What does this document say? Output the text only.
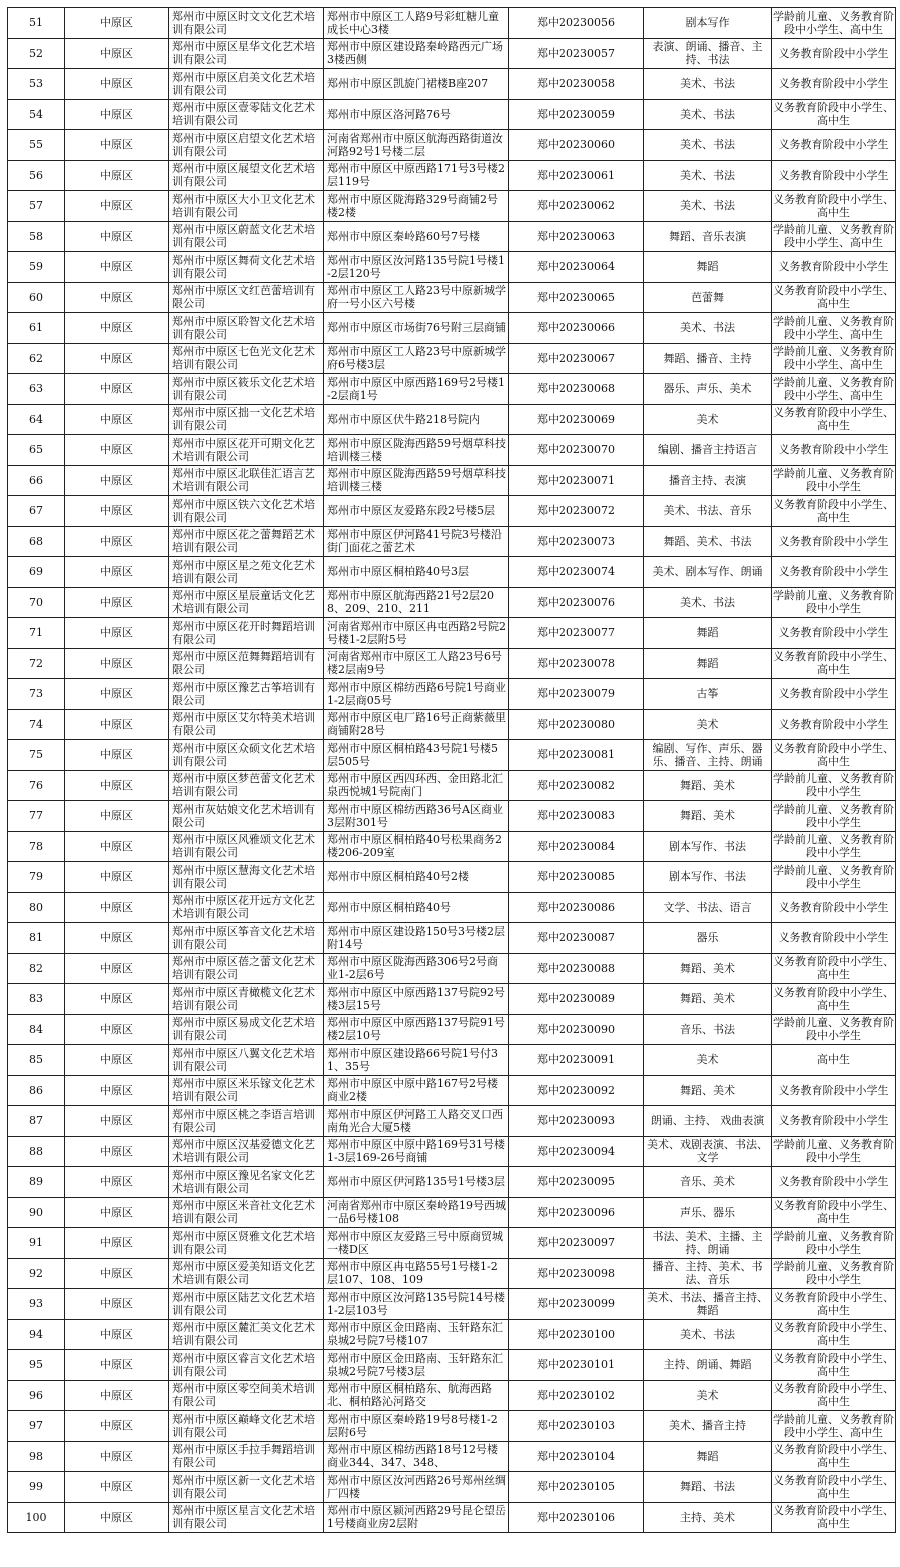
51	中原区	郑州市中原区时文文化艺术培训有限公司	郑州市中原区工人路9号彩虹糖儿童成长中心3楼	郑中20230056	剧本写作	学龄前儿童、义务教育阶段中小学生、高中生
52	中原区	郑州市中原区星华文化艺术培训有限公司	郑州市中原区建设路秦岭路西元广场3楼西侧	郑中20230057	表演、朗诵、播音、主持、书法	义务教育阶段中小学生
53	中原区	郑州市中原区启美文化艺术培训有限公司	郑州市中原区凯旋门裙楼B座207	郑中20230058	美术、书法	义务教育阶段中小学生
54	中原区	郑州市中原区壹零陆文化艺术培训有限公司	郑州市中原区洛河路76号	郑中20230059	美术、书法	义务教育阶段中小学生、高中生
55	中原区	郑州市中原区启望文化艺术培训有限公司	河南省郑州市中原区航海西路街道汝河路92号1号楼二层	郑中20230060	美术、书法	义务教育阶段中小学生
56	中原区	郑州市中原区展望文化艺术培训有限公司	郑州市中原区中原西路171号3号楼2层119号	郑中20230061	美术、书法	义务教育阶段中小学生
57	中原区	郑州市中原区大小卫文化艺术培训有限公司	郑州市中原区陇海路329号商铺2号楼2楼	郑中20230062	美术、书法	义务教育阶段中小学生、高中生
58	中原区	郑州市中原区蔚蓝文化艺术培训有限公司	郑州市中原区秦岭路60号7号楼	郑中20230063	舞蹈、音乐表演	学龄前儿童、义务教育阶段中小学生、高中生
59	中原区	郑州市中原区舞荷文化艺术培训有限公司	郑州市中原区汝河路135号院1号楼1-2层120号	郑中20230064	舞蹈	义务教育阶段中小学生
60	中原区	郑州市中原区文红芭蕾培训有限公司	郑州市中原区工人路23号中原新城学府一号小区六号楼	郑中20230065	芭蕾舞	义务教育阶段中小学生、高中生
61	中原区	郑州市中原区聆智文化艺术培训有限公司	郑州市中原区市场街76号附三层商铺	郑中20230066	美术、书法	学龄前儿童、义务教育阶段中小学生、高中生
62	中原区	郑州市中原区七色光文化艺术培训有限公司	郑州市中原区工人路23号中原新城学府6号楼3层	郑中20230067	舞蹈、播音、主持	学龄前儿童、义务教育阶段中小学生、高中生
63	中原区	郑州市中原区筱乐文化艺术培训有限公司	郑州市中原区中原西路169号2号楼1-2层商1号	郑中20230068	器乐、声乐、美术	学龄前儿童、义务教育阶段中小学生、高中生
64	中原区	郑州市中原区拙一文化艺术培训有限公司	郑州市中原区伏牛路218号院内	郑中20230069	美术	义务教育阶段中小学生、高中生
65	中原区	郑州市中原区花开可期文化艺术培训有限公司	郑州市中原区陇海西路59号烟草科技培训楼三楼	郑中20230070	编剧、播音主持语言	义务教育阶段中小学生
66	中原区	郑州市中原区北联佳汇语言艺术培训有限公司	郑州市中原区陇海西路59号烟草科技培训楼三楼	郑中20230071	播音主持、表演	学龄前儿童、义务教育阶段中小学生
67	中原区	郑州市中原区铁六文化艺术培训有限公司	郑州市中原区友爱路东段2号楼5层	郑中20230072	美术、书法、音乐	义务教育阶段中小学生、高中生
68	中原区	郑州市中原区花之蕾舞蹈艺术培训有限公司	郑州市中原区伊河路41号院3号楼沿街门面花之蕾艺术	郑中20230073	舞蹈、美术、书法	义务教育阶段中小学生
69	中原区	郑州市中原区星之苑文化艺术培训有限公司	郑州市中原区桐柏路40号3层	郑中20230074	美术、剧本写作、朗诵	义务教育阶段中小学生
70	中原区	郑州市中原区星辰童话文化艺术培训有限公司	郑州市中原区航海西路21号2层208、209、210、211	郑中20230076	美术、书法	学龄前儿童、义务教育阶段中小学生
71	中原区	郑州市中原区花开时舞蹈培训有限公司	河南省郑州市中原区冉屯西路2号院2号楼1-2层附5号	郑中20230077	舞蹈	义务教育阶段中小学生
72	中原区	郑州市中原区范舞舞蹈培训有限公司	河南省郑州市中原区工人路23号6号楼2层南9号	郑中20230078	舞蹈	义务教育阶段中小学生、高中生
73	中原区	郑州市中原区豫艺古筝培训有限公司	郑州市中原区棉纺西路6号院1号商业1-2层商05号	郑中20230079	古筝	义务教育阶段中小学生
74	中原区	郑州市中原区艾尔特美术培训有限公司	郑州市中原区电厂路16号正商紫薇里商铺附28号	郑中20230080	美术	义务教育阶段中小学生
75	中原区	郑州市中原区众硕文化艺术培训有限公司	郑州市中原区桐柏路43号院1号楼5层505号	郑中20230081	编剧、写作、声乐、器乐、播音、主持、朗诵	义务教育阶段中小学生、高中生
76	中原区	郑州市中原区梦芭蕾文化艺术培训有限公司	郑州市中原区西四环西、金田路北汇泉西悦城1号院南门	郑中20230082	舞蹈、美术	学龄前儿童、义务教育阶段中小学生
77	中原区	郑州市灰姑娘文化艺术培训有限公司	郑州市中原区棉纺西路36号A区商业3层附301号	郑中20230083	舞蹈、美术	学龄前儿童、义务教育阶段中小学生
78	中原区	郑州市中原区风雅颂文化艺术培训有限公司	郑州市中原区桐柏路40号松果商务2楼206-209室	郑中20230084	剧本写作、书法	学龄前儿童、义务教育阶段中小学生
79	中原区	郑州市中原区慧海文化艺术培训有限公司	郑州市中原区桐柏路40号2楼	郑中20230085	剧本写作、书法	学龄前儿童、义务教育阶段中小学生
80	中原区	郑州市中原区花开远方文化艺术培训有限公司	郑州市中原区桐柏路40号	郑中20230086	文学、书法、语言	义务教育阶段中小学生
81	中原区	郑州市中原区筝音文化艺术培训有限公司	郑州市中原区建设路150号3号楼2层附14号	郑中20230087	器乐	义务教育阶段中小学生
82	中原区	郑州市中原区蓓之蕾文化艺术培训有限公司	郑州市中原区陇海西路306号2号商业1-2层6号	郑中20230088	舞蹈、美术	义务教育阶段中小学生、高中生
83	中原区	郑州市中原区青橄榄文化艺术培训有限公司	郑州市中原区中原西路137号院92号楼3层15号	郑中20230089	舞蹈、美术	义务教育阶段中小学生、高中生
84	中原区	郑州市中原区易成文化艺术培训有限公司	郑州市中原区中原西路137号院91号楼2层10号	郑中20230090	音乐、书法	学龄前儿童、义务教育阶段中小学生
85	中原区	郑州市中原区八翼文化艺术培训有限公司	郑州市中原区建设路66号院1号付31、35号	郑中20230091	美术	高中生
86	中原区	郑州市中原区米乐镓文化艺术培训有限公司	郑州市中原区中原中路167号2号楼商业2楼	郑中20230092	舞蹈、美术	义务教育阶段中小学生
87	中原区	郑州市中原区桃之李语言培训有限公司	郑州市中原区伊河路工人路交叉口西南角光合大厦5楼	郑中20230093	朗诵、主持、 戏曲表演	义务教育阶段中小学生
88	中原区	郑州市中原区汉基爱德文化艺术培训有限公司	郑州市中原区中原中路169号31号楼1-3层169-26号商铺	郑中20230094	美术、戏剧表演、书法、文学	学龄前儿童、义务教育阶段中小学生
89	中原区	郑州市中原区豫见名家文化艺术培训有限公司	郑州市中原区伊河路135号1号楼3层	郑中20230095	音乐、美术	义务教育阶段中小学生
90	中原区	郑州市中原区米音社文化艺术培训有限公司	河南省郑州市中原区秦岭路19号西城一品6号楼108	郑中20230096	声乐、器乐	义务教育阶段中小学生、高中生
91	中原区	郑州市中原区贤雅文化艺术培训有限公司	郑州市中原区友爱路三号中原商贸城一楼D区	郑中20230097	书法、美术、主播、主持、朗诵	学龄前儿童、义务教育阶段中小学生
92	中原区	郑州市中原区爱美知语文化艺术培训有限公司	郑州市中原区冉屯路55号1号楼1-2层107、108、109	郑中20230098	播音、主持、美术、书法、音乐	学龄前儿童、义务教育阶段中小学生
93	中原区	郑州市中原区陆艺文化艺术培训有限公司	郑州市中原区汝河路135号院14号楼1-2层103号	郑中20230099	美术、书法、播音主持、舞蹈	义务教育阶段中小学生、高中生
94	中原区	郑州市中原区麓汇美文化艺术培训有限公司	郑州市中原区金田路南、玉轩路东汇泉城2号院7号楼107	郑中20230100	美术、书法	义务教育阶段中小学生、高中生
95	中原区	郑州市中原区睿言文化艺术培训有限公司	郑州市中原区金田路南、玉轩路东汇泉城2号院7号楼3层	郑中20230101	主持、朗诵、舞蹈	义务教育阶段中小学生、高中生
96	中原区	郑州市中原区零空间美术培训有限公司	郑州市中原区桐柏路东、航海西路北、桐柏路沁河路交	郑中20230102	美术	义务教育阶段中小学生、高中生
97	中原区	郑州市中原区巅峰文化艺术培训有限公司	郑州市中原区秦岭路19号8号楼1-2层附6号	郑中20230103	美术、播音主持	学龄前儿童、义务教育阶段中小学生、高中生
98	中原区	郑州市中原区手拉手舞蹈培训有限公司	郑州市中原区棉纺西路18号12号楼商业344、347、348、	郑中20230104	舞蹈	义务教育阶段中小学生、高中生
99	中原区	郑州市中原区新一文化艺术培训有限公司	郑州市中原区汝河西路26号郑州丝绸厂四楼	郑中20230105	舞蹈、书法	义务教育阶段中小学生、高中生
100	中原区	郑州市中原区星言文化艺术培训有限公司	郑州市中原区颍河西路29号昆仑望岳1号楼商业房2层附	郑中20230106	主持、美术	义务教育阶段中小学生、高中生
